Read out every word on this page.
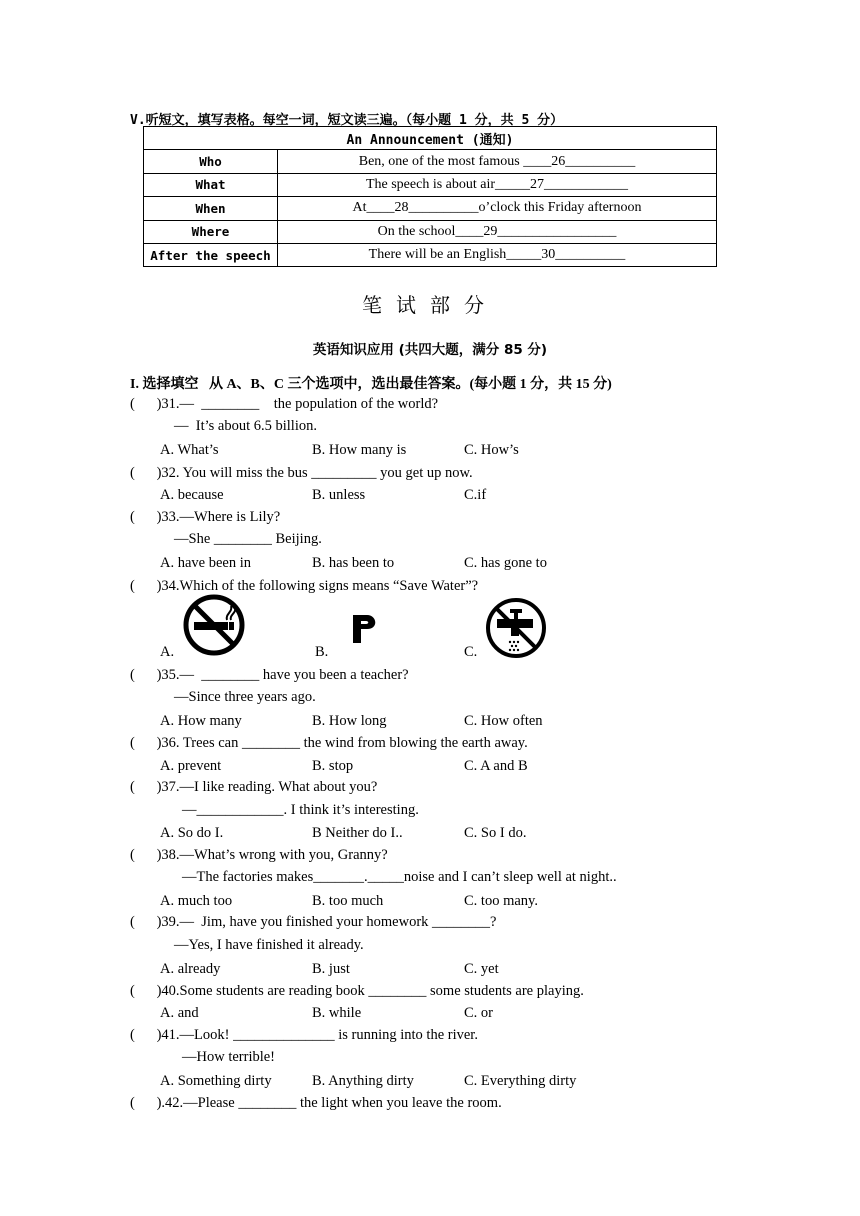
V.听短文，填写表格。每空一词，短文读三遍。（每小题 1 分，共 5 分）
An Announcement (通知)	
Who	Ben, one of the most famous ____26__________
What	The speech is about air_____27____________
When	At____28__________o’clock this Friday afternoon
Where	On the school____29_________________
After the speech	There will be an English_____30__________
笔试部分
英语知识应用 (共四大题，满分 85 分)
I. 选择填空   从 A、B、C 三个选项中，选出最佳答案。(每小题 1 分，共 15 分)
(      )31.—  ________    the population of the world?
—  It’s about 6.5 billion.
A. What’s	B. How many is	C. How’s
(      )32. You will miss the bus _________ you get up now.
A. because	B. unless	C.if
(      )33.—Where is Lily?
—She ________ Beijing.
A. have been in	B. has been to	C. has gone to
(      )34.Which of the following signs means “Save Water”?
A.	B.	C.
(      )35.—  ________ have you been a teacher?
—Since three years ago.
A. How many	B. How long	C. How often
(      )36. Trees can ________ the wind from blowing the earth away.
A. prevent	B. stop	C. A and B
(      )37.—I like reading. What about you?
—____________. I think it’s interesting.
A. So do I.	B Neither do I..	C. So I do.
(      )38.—What’s wrong with you, Granny?
—The factories makes_______._____noise and I can’t sleep well at night..
A. much too	B. too much	C. too many.
(      )39.—  Jim, have you finished your homework ________?
—Yes, I have finished it already.
A. already	B. just	C. yet
(      )40.Some students are reading book ________ some students are playing.
A. and	B. while	C. or
(      )41.—Look! ______________ is running into the river.
—How terrible!
A. Something dirty	B. Anything dirty	C. Everything dirty
(      ).42.—Please ________ the light when you leave the room.
